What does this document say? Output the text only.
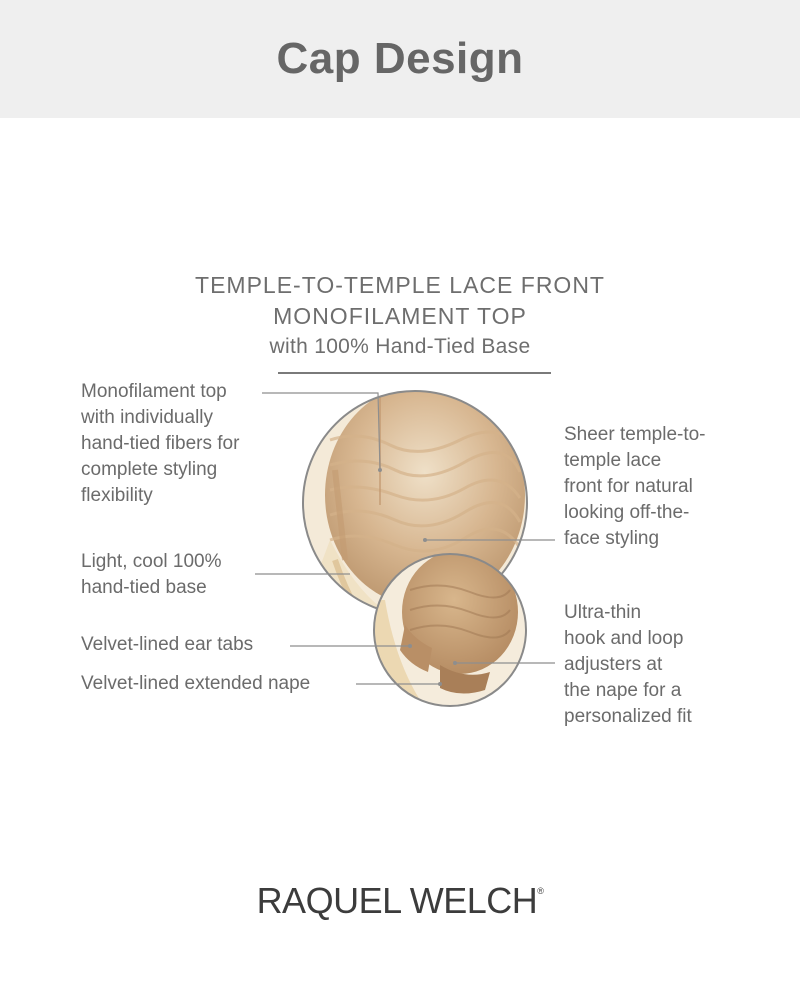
Cap Design
TEMPLE-TO-TEMPLE LACE FRONT
MONOFILAMENT TOP
with 100% Hand-Tied Base
Monofilament top
with individually
hand-tied fibers for
complete styling
flexibility
Light, cool 100%
hand-tied base
Velvet-lined ear tabs
Velvet-lined extended nape
Sheer temple-to-
temple lace
front for natural
looking off-the-
face styling
Ultra-thin
hook and loop
adjusters at
the nape for a
personalized fit
RAQUEL WELCH®
